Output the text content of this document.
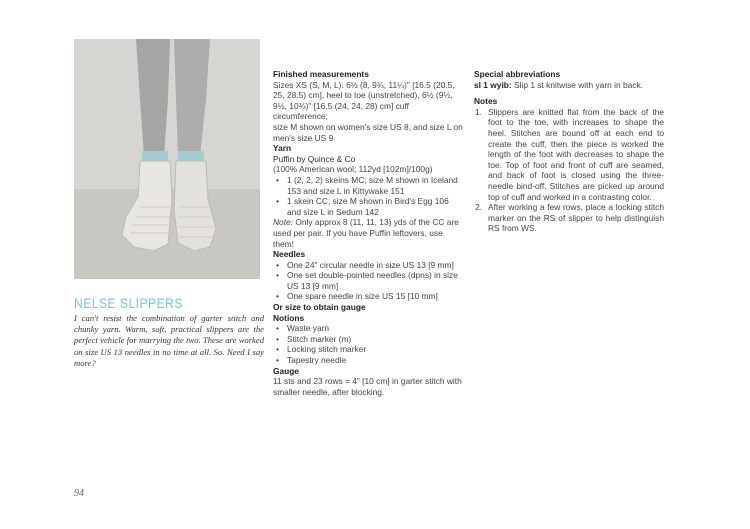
NELSE SLIPPERS
I can't resist the combination of garter stitch and chunky yarn. Warm, soft, practical slippers are the perfect vehicle for marrying the two. These are worked on size US 13 needles in no time at all. So. Need I say more?
Finished measurements
Sizes XS (S, M, L): 6½ (8, 9¾, 11¼)" [16.5 (20.5, 25, 28.5) cm], heel to toe (unstretched), 6½ (9½, 9½, 10¾)" [16.5 (24, 24, 28) cm] cuff circumference;
size M shown on women's size US 8, and size L on men's size US 9
Yarn
Puffin by Quince & Co
(100% American wool; 112yd [102m]/100g)
• 1 (2, 2, 2) skeins MC; size M shown in Iceland 153 and size L in Kittywake 151
• 1 skein CC; size M shown in Bird's Egg 106 and size L in Sedum 142
Note: Only approx 8 (11, 11, 13) yds of the CC are used per pair. If you have Puffin leftovers, use them!
Needles
• One 24" circular needle in size US 13 [9 mm]
• One set double-pointed needles (dpns) in size US 13 [9 mm]
• One spare needle in size US 15 [10 mm]
Or size to obtain gauge
Notions
• Waste yarn
• Stitch marker (m)
• Locking stitch marker
• Tapestry needle
Gauge
11 sts and 23 rows = 4" [10 cm] in garter stitch with smaller needle, after blocking.
Special abbreviations
sl 1 wyib: Slip 1 st knitwise with yarn in back.
Notes
1. Slippers are knitted flat from the back of the foot to the toe, with increases to shape the heel. Stitches are bound off at each end to create the cuff, then the piece is worked the length of the foot with decreases to shape the toe. Top of foot and front of cuff are seamed, and back of foot is closed using the three-needle bind-off. Stitches are picked up around top of cuff and worked in a contrasting color.
2. After working a few rows, place a locking stitch marker on the RS of slipper to help distinguish RS from WS.
94
